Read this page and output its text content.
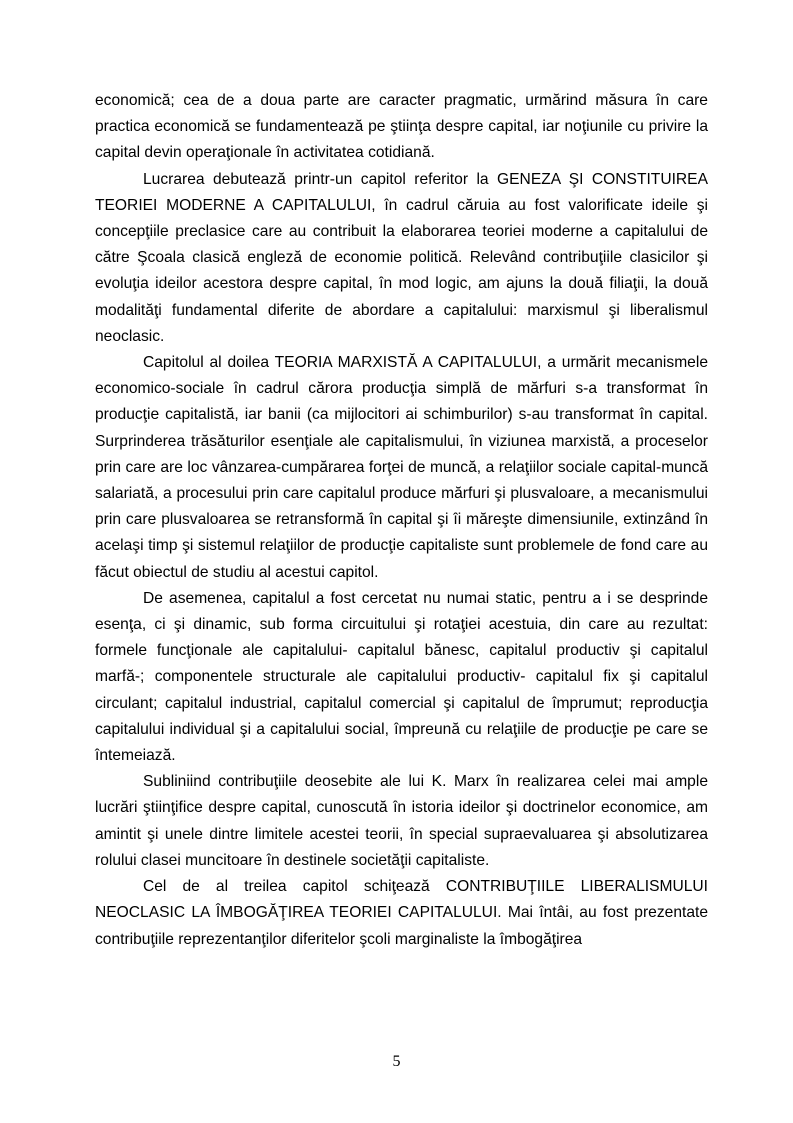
economică; cea de a doua parte are caracter pragmatic, urmărind măsura în care practica economică se fundamentează pe ştiinţa despre capital, iar noţiunile cu privire la capital devin operaţionale în activitatea cotidiană.

Lucrarea debutează printr-un capitol referitor la GENEZA ŞI CONSTITUIREA TEORIEI MODERNE A CAPITALULUI, în cadrul căruia au fost valorificate ideile şi concepţiile preclasice care au contribuit la elaborarea teoriei moderne a capitalului de către Şcoala clasică engleză de economie politică. Relevând contribuţiile clasicilor şi evoluţia ideilor acestora despre capital, în mod logic, am ajuns la două filiaţii, la două modalităţi fundamental diferite de abordare a capitalului: marxismul şi liberalismul neoclasic.

Capitolul al doilea TEORIA MARXISTĂ A CAPITALULUI, a urmărit mecanismele economico-sociale în cadrul cărora producţia simplă de mărfuri s-a transformat în producţie capitalistă, iar banii (ca mijlocitori ai schimburilor) s-au transformat în capital. Surprinderea trăsăturilor esenţiale ale capitalismului, în viziunea marxistă, a proceselor prin care are loc vânzarea-cumpărarea forţei de muncă, a relaţiilor sociale capital-muncă salariată, a procesului prin care capitalul produce mărfuri şi plusvaloare, a mecanismului prin care plusvaloarea se retransformă în capital şi îi măreşte dimensiunile, extinzând în acelaşi timp şi sistemul relaţiilor de producţie capitaliste sunt problemele de fond care au făcut obiectul de studiu al acestui capitol.

De asemenea, capitalul a fost cercetat nu numai static, pentru a i se desprinde esenţa, ci şi dinamic, sub forma circuitului şi rotaţiei acestuia, din care au rezultat: formele funcţionale ale capitalului- capitalul bănesc, capitalul productiv şi capitalul marfă-; componentele structurale ale capitalului productiv- capitalul fix şi capitalul circulant; capitalul industrial, capitalul comercial şi capitalul de împrumut; reproducţia capitalului individual şi a capitalului social, împreună cu relaţiile de producţie pe care se întemeiază.

Subliniind contribuţiile deosebite ale lui K. Marx în realizarea celei mai ample lucrări ştiinţifice despre capital, cunoscută în istoria ideilor şi doctrinelor economice, am amintit şi unele dintre limitele acestei teorii, în special supraevaluarea şi absolutizarea rolului clasei muncitoare în destinele societăţii capitaliste.

Cel de al treilea capitol schiţează CONTRIBUŢIILE LIBERALISMULUI NEOCLASIC LA ÎMBOGĂŢIREA TEORIEI CAPITALULUI. Mai întâi, au fost prezentate contribuţiile reprezentanţilor diferitelor şcoli marginaliste la îmbogăţirea

5
